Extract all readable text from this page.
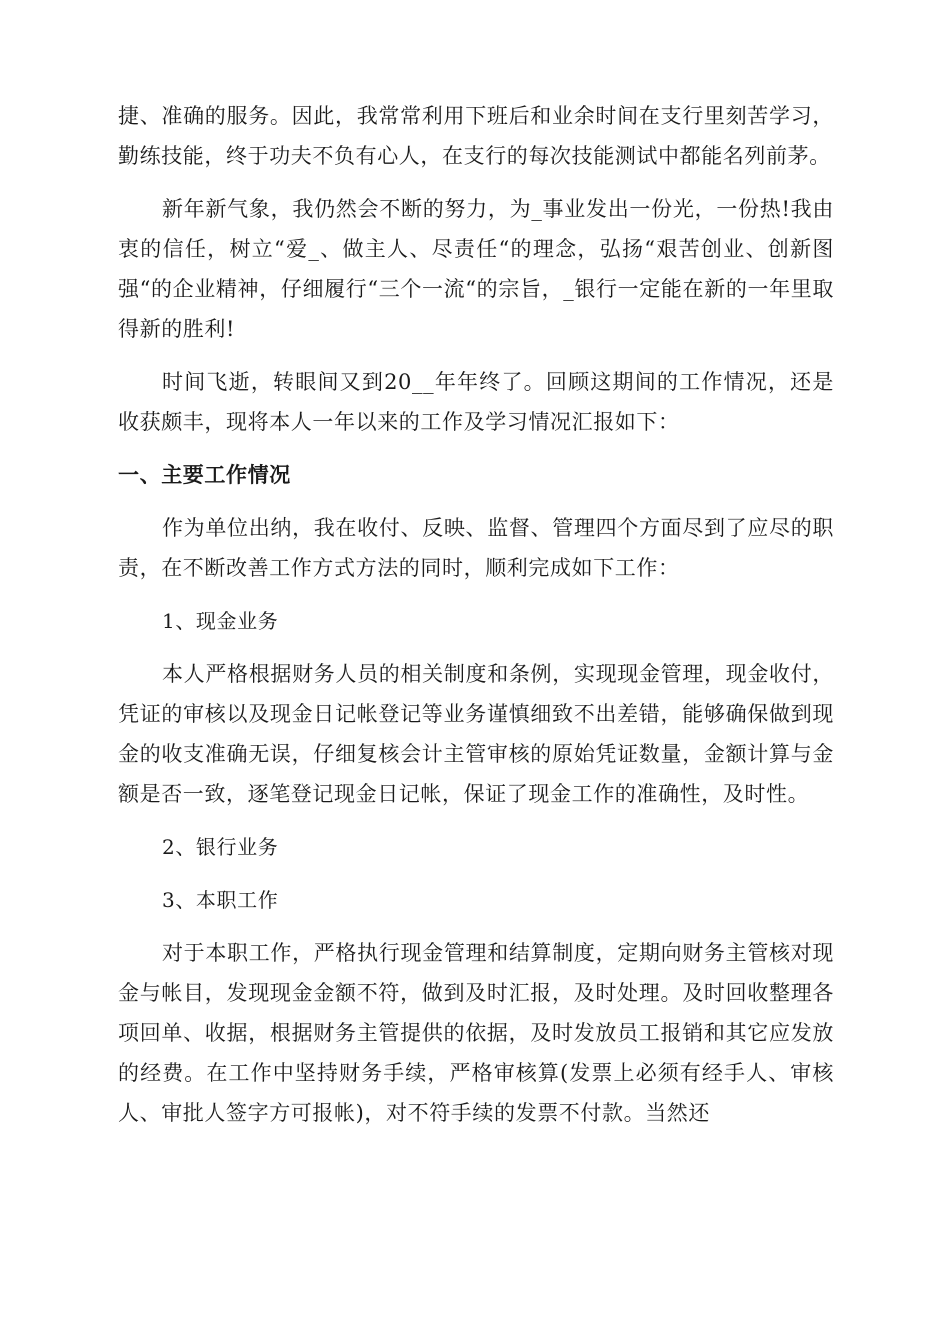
捷、准确的服务。因此，我常常利用下班后和业余时间在支行里刻苦学习，勤练技能，终于功夫不负有心人，在支行的每次技能测试中都能名列前茅。

新年新气象，我仍然会不断的努力，为_事业发出一份光，一份热!我由衷的信任，树立“爱_、做主人、尽责任“的理念，弘扬“艰苦创业、创新图强“的企业精神，仔细履行“三个一流“的宗旨，_银行一定能在新的一年里取得新的胜利!

时间飞逝，转眼间又到20__年年终了。回顾这期间的工作情况，还是收获颇丰，现将本人一年以来的工作及学习情况汇报如下：

一、主要工作情况

作为单位出纳，我在收付、反映、监督、管理四个方面尽到了应尽的职责，在不断改善工作方式方法的同时，顺利完成如下工作：

1、现金业务

本人严格根据财务人员的相关制度和条例，实现现金管理，现金收付，凭证的审核以及现金日记帐登记等业务谨慎细致不出差错，能够确保做到现金的收支准确无误，仔细复核会计主管审核的原始凭证数量，金额计算与金额是否一致，逐笔登记现金日记帐，保证了现金工作的准确性，及时性。

2、银行业务
3、本职工作

对于本职工作，严格执行现金管理和结算制度，定期向财务主管核对现金与帐目，发现现金金额不符，做到及时汇报，及时处理。及时回收整理各项回单、收据，根据财务主管提供的依据，及时发放员工报销和其它应发放的经费。在工作中坚持财务手续，严格审核算(发票上必须有经手人、审核人、审批人签字方可报帐)，对不符手续的发票不付款。当然还
